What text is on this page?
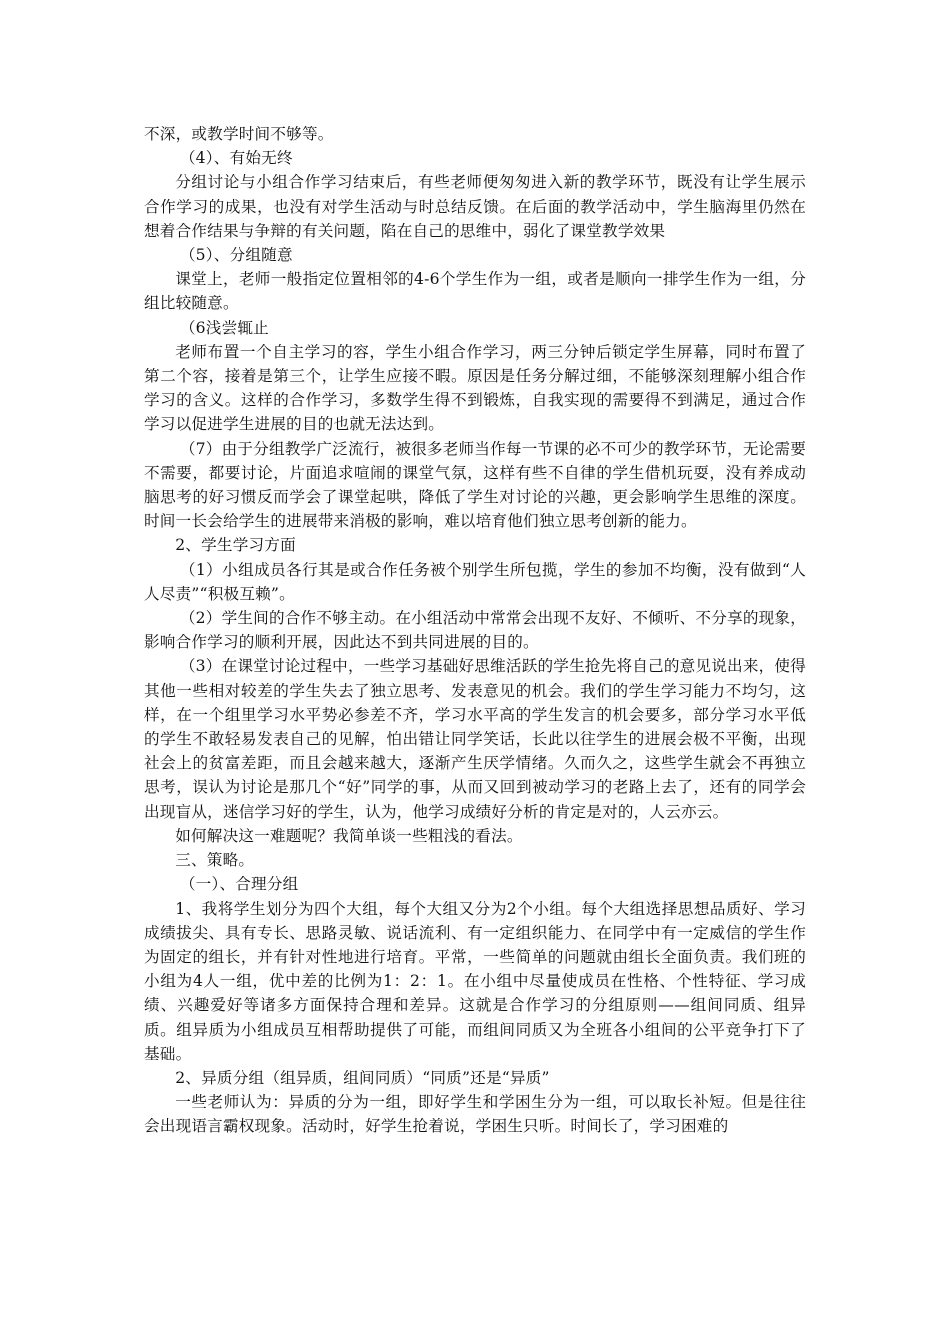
不深，或教学时间不够等。

（4）、有始无终

分组讨论与小组合作学习结束后，有些老师便匆匆进入新的教学环节，既没有让学生展示合作学习的成果，也没有对学生活动与时总结反馈。在后面的教学活动中，学生脑海里仍然在想着合作结果与争辩的有关问题，陷在自己的思维中，弱化了课堂教学效果

（5）、分组随意

课堂上，老师一般指定位置相邻的4-6个学生作为一组，或者是顺向一排学生作为一组，分组比较随意。

（6浅尝辄止

老师布置一个自主学习的容，学生小组合作学习，两三分钟后锁定学生屏幕，同时布置了第二个容，接着是第三个，让学生应接不暇。原因是任务分解过细，不能够深刻理解小组合作学习的含义。这样的合作学习，多数学生得不到锻炼，自我实现的需要得不到满足，通过合作学习以促进学生进展的目的也就无法达到。

（7）由于分组教学广泛流行，被很多老师当作每一节课的必不可少的教学环节，无论需要不需要，都要讨论，片面追求喧闹的课堂气氛，这样有些不自律的学生借机玩耍，没有养成动脑思考的好习惯反而学会了课堂起哄，降低了学生对讨论的兴趣，更会影响学生思维的深度。时间一长会给学生的进展带来消极的影响，难以培育他们独立思考创新的能力。

2、学生学习方面

（1）小组成员各行其是或合作任务被个别学生所包揽，学生的参加不均衡，没有做到“人人尽责”“积极互赖”。

（2）学生间的合作不够主动。在小组活动中常常会出现不友好、不倾听、不分享的现象，影响合作学习的顺利开展，因此达不到共同进展的目的。

（3）在课堂讨论过程中，一些学习基础好思维活跃的学生抢先将自己的意见说出来，使得其他一些相对较差的学生失去了独立思考、发表意见的机会。我们的学生学习能力不均匀，这样，在一个组里学习水平势必参差不齐，学习水平高的学生发言的机会要多，部分学习水平低的学生不敢轻易发表自己的见解，怕出错让同学笑话，长此以往学生的进展会极不平衡，出现社会上的贫富差距，而且会越来越大，逐渐产生厌学情绪。久而久之，这些学生就会不再独立思考，误认为讨论是那几个“好”同学的事，从而又回到被动学习的老路上去了，还有的同学会出现盲从，迷信学习好的学生，认为，他学习成绩好分析的肯定是对的，人云亦云。

如何解决这一难题呢？我简单谈一些粗浅的看法。

三、策略。

（一）、合理分组

1、我将学生划分为四个大组，每个大组又分为2个小组。每个大组选择思想品质好、学习成绩拔尖、具有专长、思路灵敏、说话流利、有一定组织能力、在同学中有一定威信的学生作为固定的组长，并有针对性地进行培育。平常，一些简单的问题就由组长全面负责。我们班的小组为4人一组，优中差的比例为1：2：1。在小组中尽量使成员在性格、个性特征、学习成绩、兴趣爱好等诸多方面保持合理和差异。这就是合作学习的分组原则——组间同质、组异质。组异质为小组成员互相帮助提供了可能，而组间同质又为全班各小组间的公平竞争打下了基础。

2、异质分组（组异质，组间同质）“同质”还是“异质”

一些老师认为：异质的分为一组，即好学生和学困生分为一组，可以取长补短。但是往往会出现语言霸权现象。活动时，好学生抢着说，学困生只听。时间长了，学习困难的
